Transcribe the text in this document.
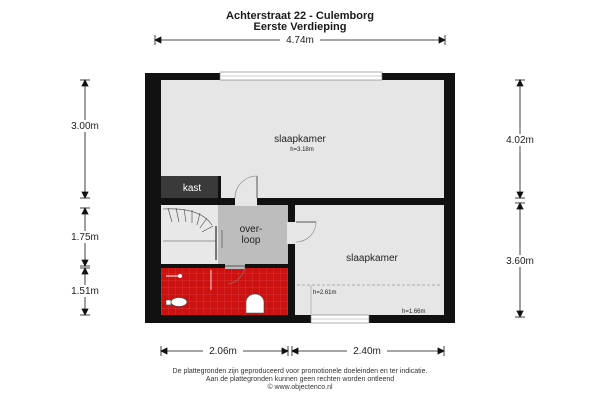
Achterstraat 22 - Culemborg
Eerste Verdieping
slaapkamer
h=3.18m
kast
over-
loop
slaapkamer
h=2.61m
h=1.66m
4.74m
3.00m
1.75m
1.51m
4.02m
3.60m
2.06m	2.40m
De plattegronden zijn geproduceerd voor promotionele doeleinden en ter indicatie.
Aan de plattegronden kunnen geen rechten worden ontleend
© www.objectenco.nl
